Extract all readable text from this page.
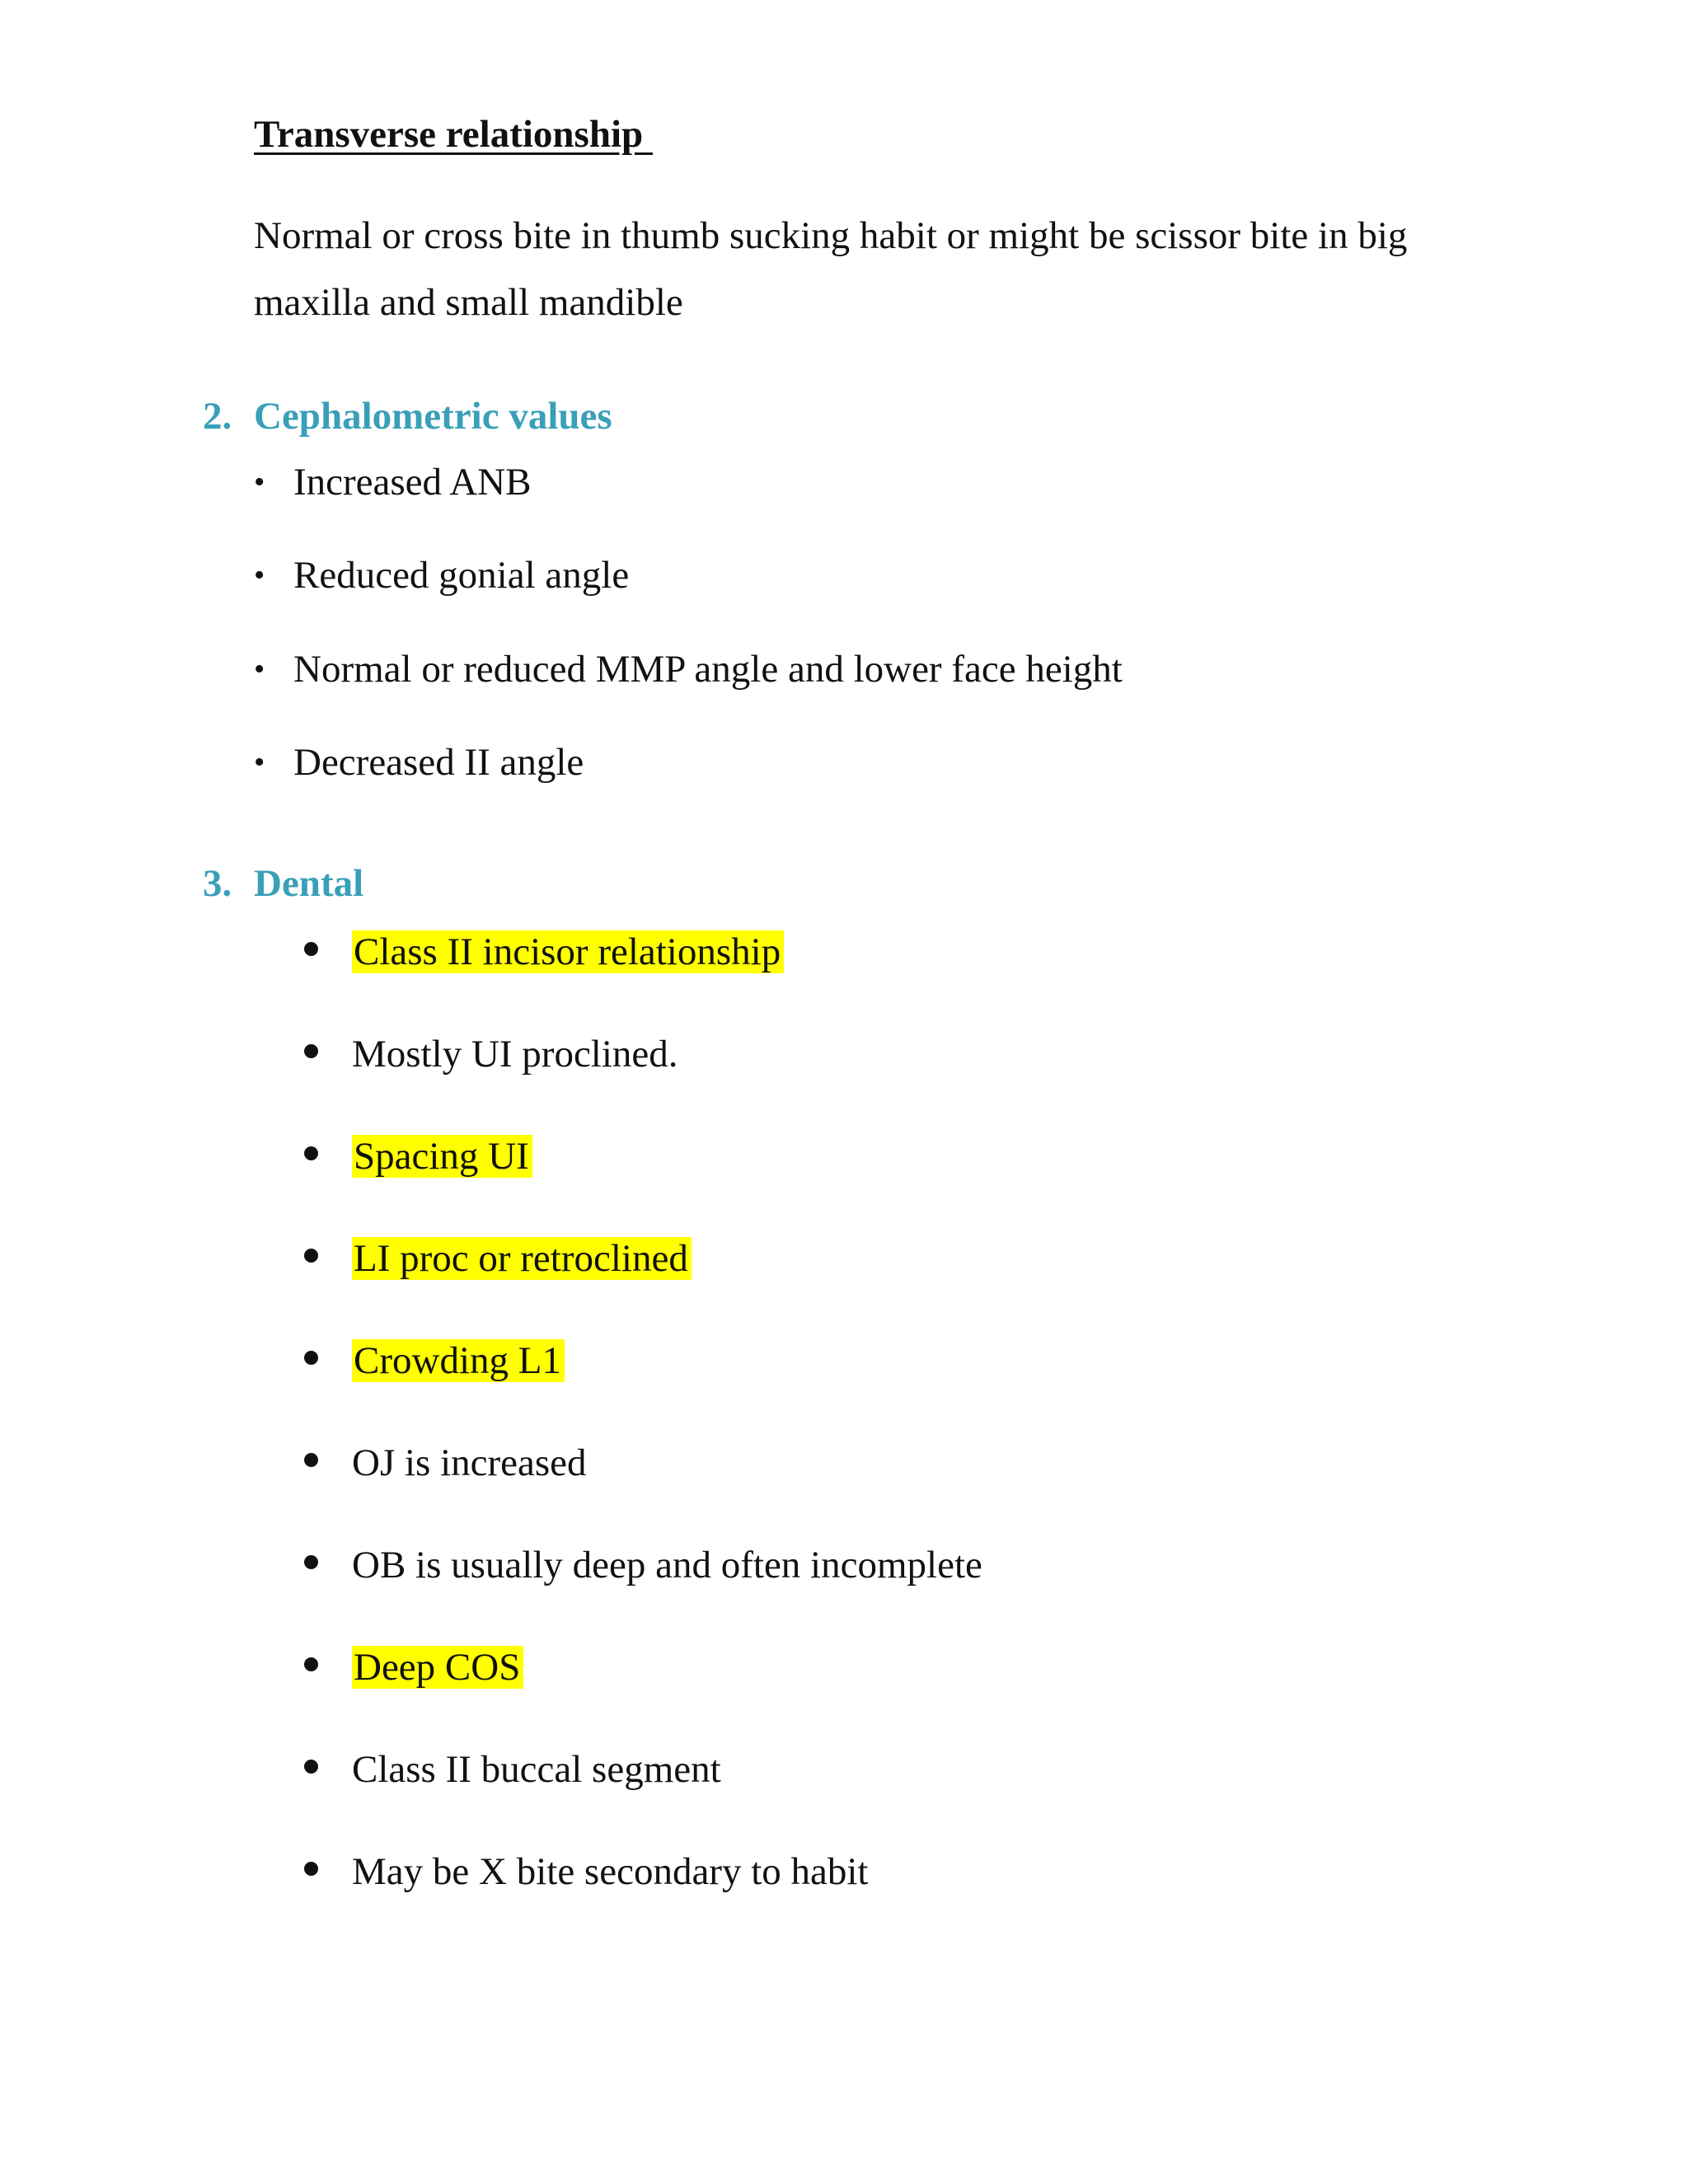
Transverse relationship
Normal or cross bite in thumb sucking habit or might be scissor bite in big maxilla and small mandible
2. Cephalometric values
• Increased ANB
• Reduced gonial angle
• Normal or reduced MMP angle and lower face height
• Decreased II angle
3. Dental
Class II incisor relationship
Mostly UI proclined.
Spacing UI
LI proc or retroclined
Crowding L1
OJ is increased
OB is usually deep and often incomplete
Deep COS
Class II buccal segment
May be X bite secondary to habit
